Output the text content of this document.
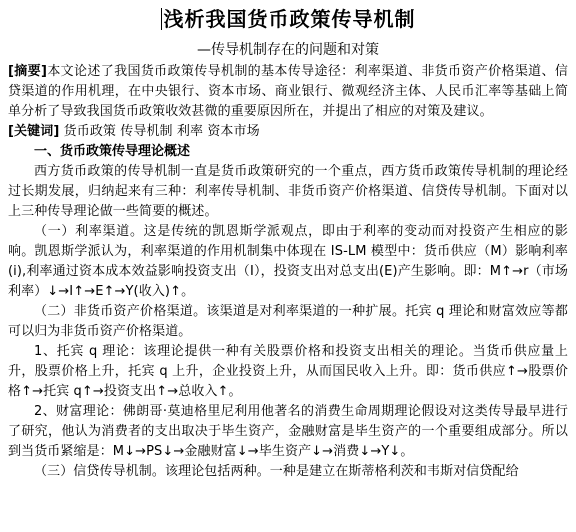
浅析我国货币政策传导机制
—传导机制存在的问题和对策

[摘要]本文论述了我国货币政策传导机制的基本传导途径：利率渠道、非货币资产价格渠道、信贷渠道的作用机理，在中央银行、资本市场、商业银行、微观经济主体、人民币汇率等基础上简单分析了导致我国货币政策收效甚微的重要原因所在，并提出了相应的对策及建议。

[关键词] 货币政策 传导机制 利率 资本市场

一、货币政策传导理论概述

西方货币政策的传导机制一直是货币政策研究的一个重点，西方货币政策传导机制的理论经过长期发展，归纳起来有三种：利率传导机制、非货币资产价格渠道、信贷传导机制。下面对以上三种传导理论做一些简要的概述。

（一）利率渠道。这是传统的凯恩斯学派观点，即由于利率的变动而对投资产生相应的影响。凯恩斯学派认为，利率渠道的作用机制集中体现在 IS-LM 模型中：货币供应（M）影响利率(i),利率通过资本成本效益影响投资支出（I），投资支出对总支出(E)产生影响。即：M↑→r（市场利率）↓→I↑→E↑→Y(收入)↑。

（二）非货币资产价格渠道。该渠道是对利率渠道的一种扩展。托宾 q 理论和财富效应等都可以归为非货币资产价格渠道。

1、托宾 q 理论：该理论提供一种有关股票价格和投资支出相关的理论。当货币供应量上升，股票价格上升，托宾 q 上升，企业投资上升，从而国民收入上升。即：货币供应↑→股票价格↑→托宾 q↑→投资支出↑→总收入↑。

2、财富理论：佛朗哥·莫迪格里尼利用他著名的消费生命周期理论假设对这类传导最早进行了研究，他认为消费者的支出取决于毕生资产，金融财富是毕生资产的一个重要组成部分。所以到当货币紧缩是：M↓→PS↓→金融财富↓→毕生资产↓→消费↓→Y↓。

（三）信贷传导机制。该理论包括两种。一种是建立在斯蒂格利茨和韦斯对信贷配给
